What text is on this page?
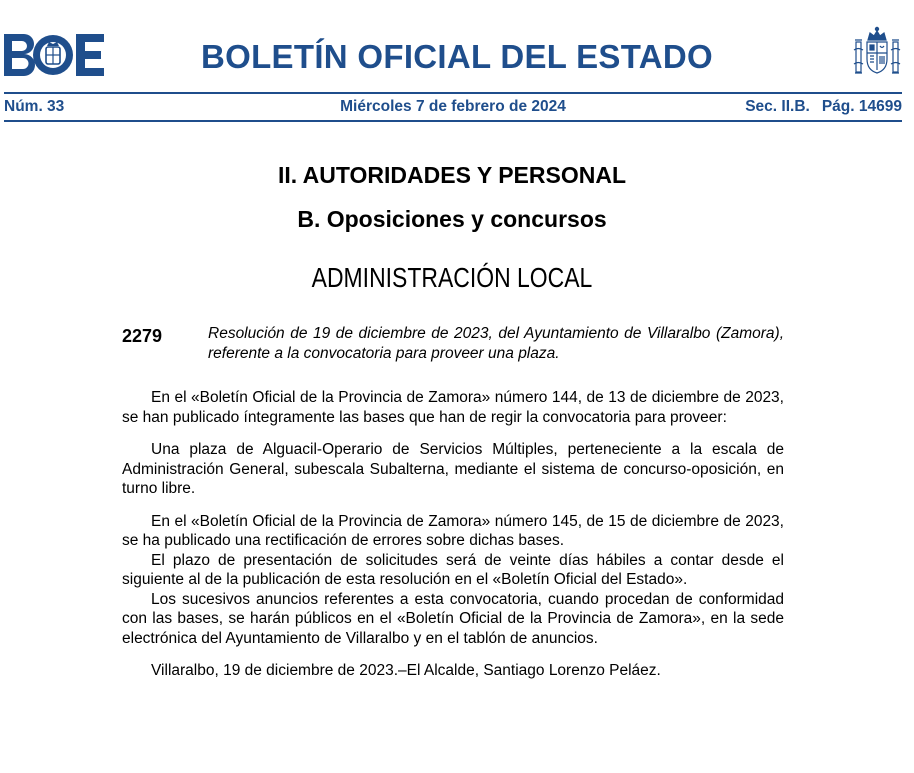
BOLETÍN OFICIAL DEL ESTADO
Núm. 33	Miércoles 7 de febrero de 2024	Sec. II.B. Pág. 14699
II. AUTORIDADES Y PERSONAL
B. Oposiciones y concursos
ADMINISTRACIÓN LOCAL
2279	Resolución de 19 de diciembre de 2023, del Ayuntamiento de Villaralbo (Zamora), referente a la convocatoria para proveer una plaza.

En el «Boletín Oficial de la Provincia de Zamora» número 144, de 13 de diciembre de 2023, se han publicado íntegramente las bases que han de regir la convocatoria para proveer:

Una plaza de Alguacil-Operario de Servicios Múltiples, perteneciente a la escala de Administración General, subescala Subalterna, mediante el sistema de concurso-oposición, en turno libre.

En el «Boletín Oficial de la Provincia de Zamora» número 145, de 15 de diciembre de 2023, se ha publicado una rectificación de errores sobre dichas bases.

El plazo de presentación de solicitudes será de veinte días hábiles a contar desde el siguiente al de la publicación de esta resolución en el «Boletín Oficial del Estado».

Los sucesivos anuncios referentes a esta convocatoria, cuando procedan de conformidad con las bases, se harán públicos en el «Boletín Oficial de la Provincia de Zamora», en la sede electrónica del Ayuntamiento de Villaralbo y en el tablón de anuncios.

Villaralbo, 19 de diciembre de 2023.–El Alcalde, Santiago Lorenzo Peláez.
